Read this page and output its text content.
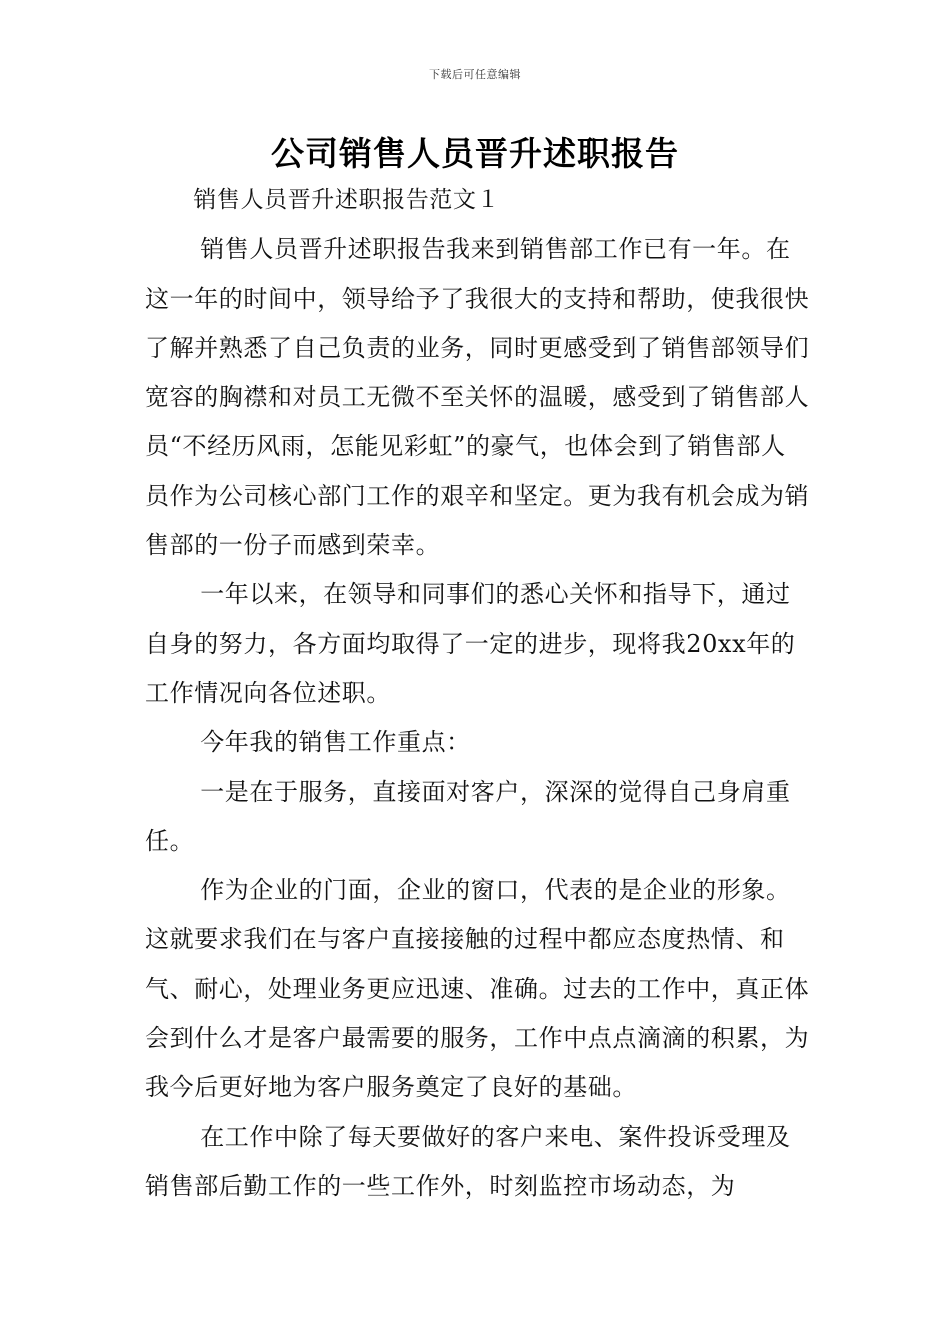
下载后可任意编辑
公司销售人员晋升述职报告

销售人员晋升述职报告范文１

销售人员晋升述职报告我来到销售部工作已有一年。在这一年的时间中，领导给予了我很大的支持和帮助，使我很快了解并熟悉了自己负责的业务，同时更感受到了销售部领导们宽容的胸襟和对员工无微不至关怀的温暖，感受到了销售部人员“不经历风雨，怎能见彩虹”的豪气，也体会到了销售部人员作为公司核心部门工作的艰辛和坚定。更为我有机会成为销售部的一份子而感到荣幸。

一年以来，在领导和同事们的悉心关怀和指导下，通过自身的努力，各方面均取得了一定的进步，现将我20xx年的工作情况向各位述职。

今年我的销售工作重点：

一是在于服务，直接面对客户，深深的觉得自己身肩重任。

作为企业的门面，企业的窗口，代表的是企业的形象。这就要求我们在与客户直接接触的过程中都应态度热情、和气、耐心，处理业务更应迅速、准确。过去的工作中，真正体会到什么才是客户最需要的服务，工作中点点滴滴的积累，为我今后更好地为客户服务奠定了良好的基础。

在工作中除了每天要做好的客户来电、案件投诉受理及销售部后勤工作的一些工作外，时刻监控市场动态，为
